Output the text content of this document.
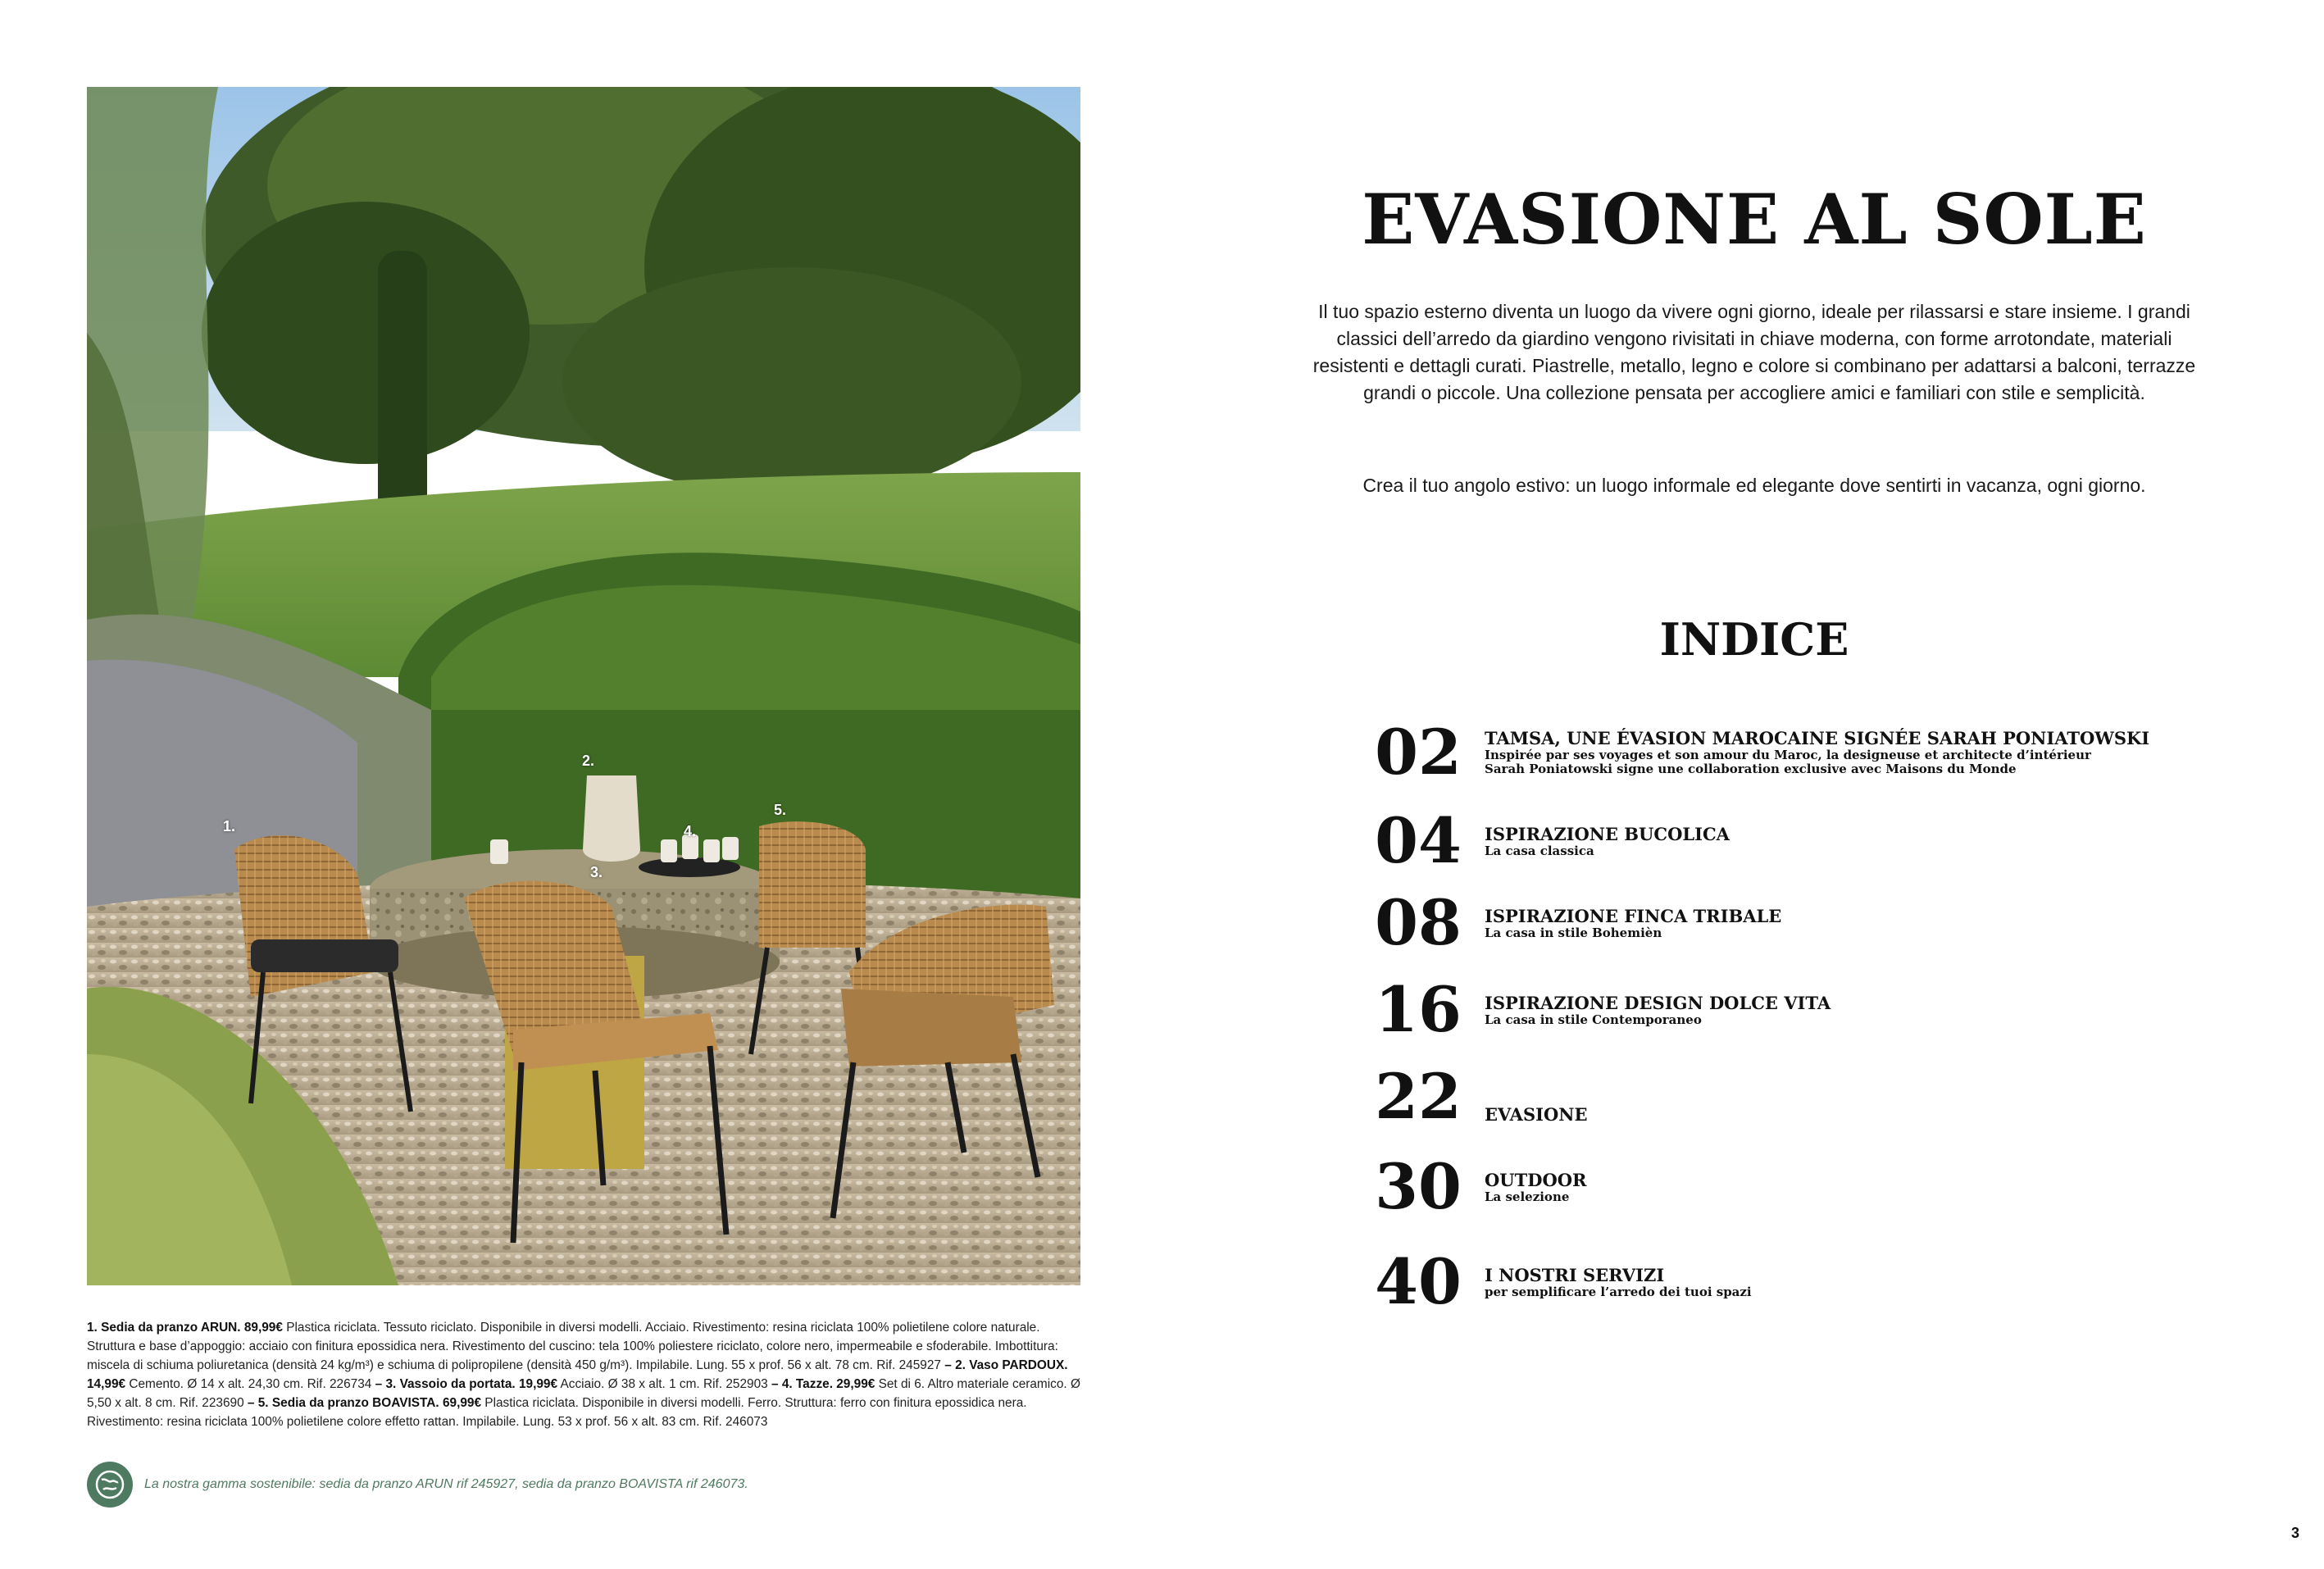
1.
2.
3.
4.
5.
1. Sedia da pranzo ARUN. 89,99€ Plastica riciclata. Tessuto riciclato. Disponibile in diversi modelli. Acciaio. Rivestimento: resina riciclata 100% polietilene colore naturale. Struttura e base d’appoggio: acciaio con finitura epossidica nera. Rivestimento del cuscino: tela 100% poliestere riciclato, colore nero, impermeabile e sfoderabile. Imbottitura: miscela di schiuma poliuretanica (densità 24 kg/m³) e schiuma di polipropilene (densità 450 g/m³). Impilabile. Lung. 55 x prof. 56 x alt. 78 cm. Rif. 245927 – 2. Vaso PARDOUX. 14,99€ Cemento. Ø 14 x alt. 24,30 cm. Rif. 226734 – 3. Vassoio da portata. 19,99€ Acciaio. Ø 38 x alt. 1 cm. Rif. 252903 – 4. Tazze. 29,99€ Set di 6. Altro materiale ceramico. Ø 5,50 x alt. 8 cm. Rif. 223690 – 5. Sedia da pranzo BOAVISTA. 69,99€ Plastica riciclata. Disponibile in diversi modelli. Ferro. Struttura: ferro con finitura epossidica nera. Rivestimento: resina riciclata 100% polietilene colore effetto rattan. Impilabile. Lung. 53 x prof. 56 x alt. 83 cm. Rif. 246073
La nostra gamma sostenibile: sedia da pranzo ARUN rif 245927, sedia da pranzo BOAVISTA rif 246073.
EVASIONE AL SOLE

Il tuo spazio esterno diventa un luogo da vivere ogni giorno, ideale per rilassarsi e stare insieme. I grandi classici dell’arredo da giardino vengono rivisitati in chiave moderna, con forme arrotondate, materiali resistenti e dettagli curati. Piastrelle, metallo, legno e colore si combinano per adattarsi a balconi, terrazze grandi o piccole. Una collezione pensata per accogliere amici e familiari con stile e semplicità.

Crea il tuo angolo estivo: un luogo informale ed elegante dove sentirti in vacanza, ogni giorno.

INDICE
02	TAMSA, UNE ÉVASION MAROCAINE SIGNÉE SARAH PONIATOWSKI
Inspirée par ses voyages et son amour du Maroc, la designeuse et architecte d’intérieur
Sarah Poniatowski signe une collaboration exclusive avec Maisons du Monde
04	ISPIRAZIONE BUCOLICA
La casa classica
08	ISPIRAZIONE FINCA TRIBALE
La casa in stile Bohemièn
16	ISPIRAZIONE DESIGN DOLCE VITA
La casa in stile Contemporaneo
22	EVASIONE
30	OUTDOOR
La selezione
40	I NOSTRI SERVIZI
per semplificare l’arredo dei tuoi spazi
3
